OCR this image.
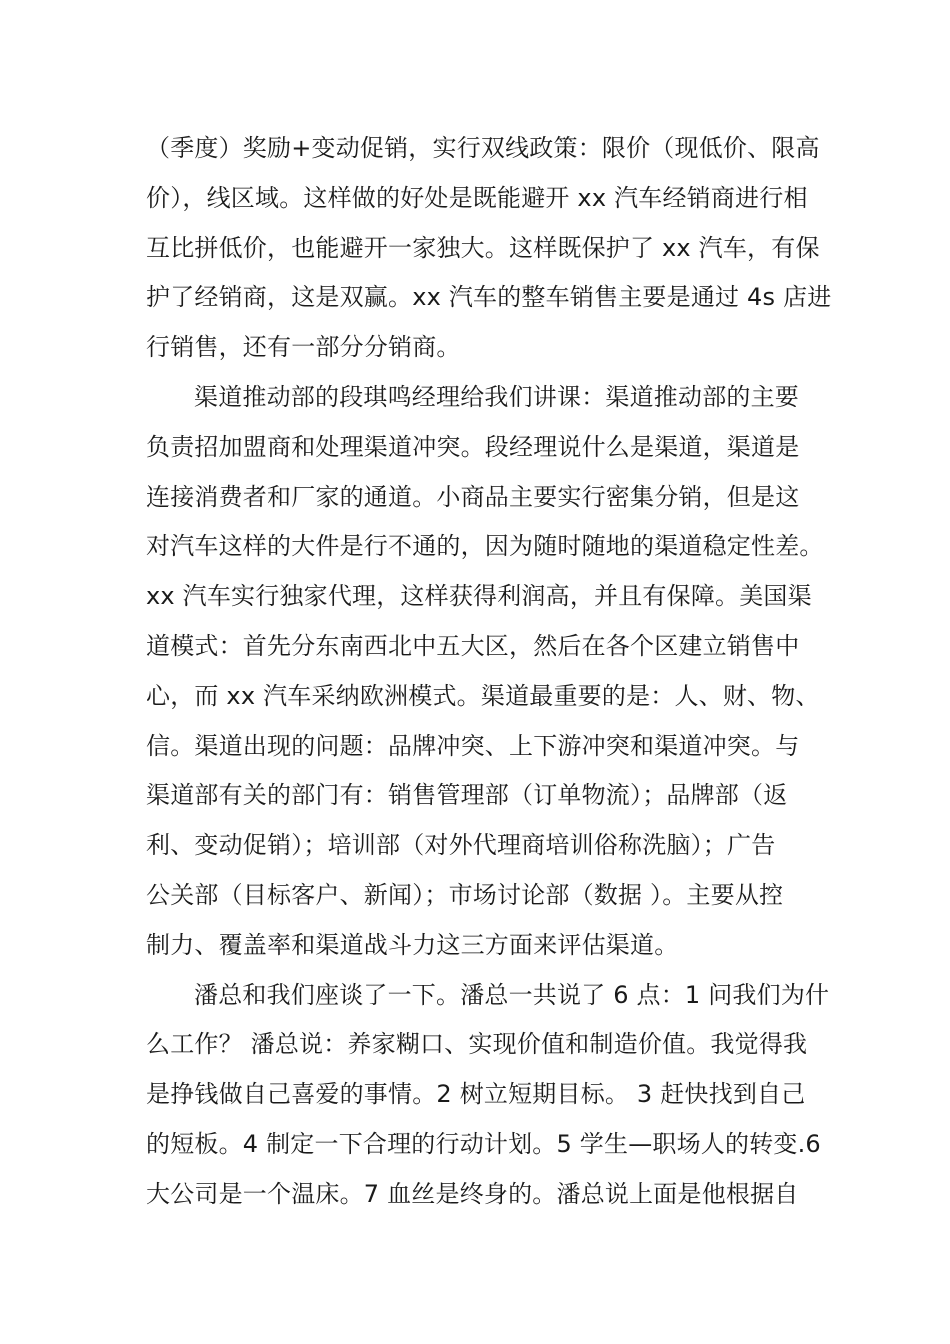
（季度）奖励+变动促销，实行双线政策：限价（现低价、限高
价），线区域。这样做的好处是既能避开 xx 汽车经销商进行相
互比拼低价，也能避开一家独大。这样既保护了 xx 汽车，有保
护了经销商，这是双赢。xx 汽车的整车销售主要是通过 4s 店进
行销售，还有一部分分销商。
渠道推动部的段琪鸣经理给我们讲课：渠道推动部的主要
负责招加盟商和处理渠道冲突。段经理说什么是渠道，渠道是
连接消费者和厂家的通道。小商品主要实行密集分销，但是这
对汽车这样的大件是行不通的，因为随时随地的渠道稳定性差。
xx 汽车实行独家代理，这样获得利润高，并且有保障。美国渠
道模式：首先分东南西北中五大区，然后在各个区建立销售中
心，而 xx 汽车采纳欧洲模式。渠道最重要的是：人、财、物、
信。渠道出现的问题：品牌冲突、上下游冲突和渠道冲突。与
渠道部有关的部门有：销售管理部（订单物流）；品牌部（返
利、变动促销）；培训部（对外代理商培训俗称洗脑）；广告
公关部（目标客户、新闻）；市场讨论部（数据 ）。主要从控
制力、覆盖率和渠道战斗力这三方面来评估渠道。
潘总和我们座谈了一下。潘总一共说了 6 点：1 问我们为什
么工作？ 潘总说：养家糊口、实现价值和制造价值。我觉得我
是挣钱做自己喜爱的事情。2 树立短期目标。 3 赶快找到自己
的短板。4 制定一下合理的行动计划。5 学生—职场人的转变.6
大公司是一个温床。7 血丝是终身的。潘总说上面是他根据自
